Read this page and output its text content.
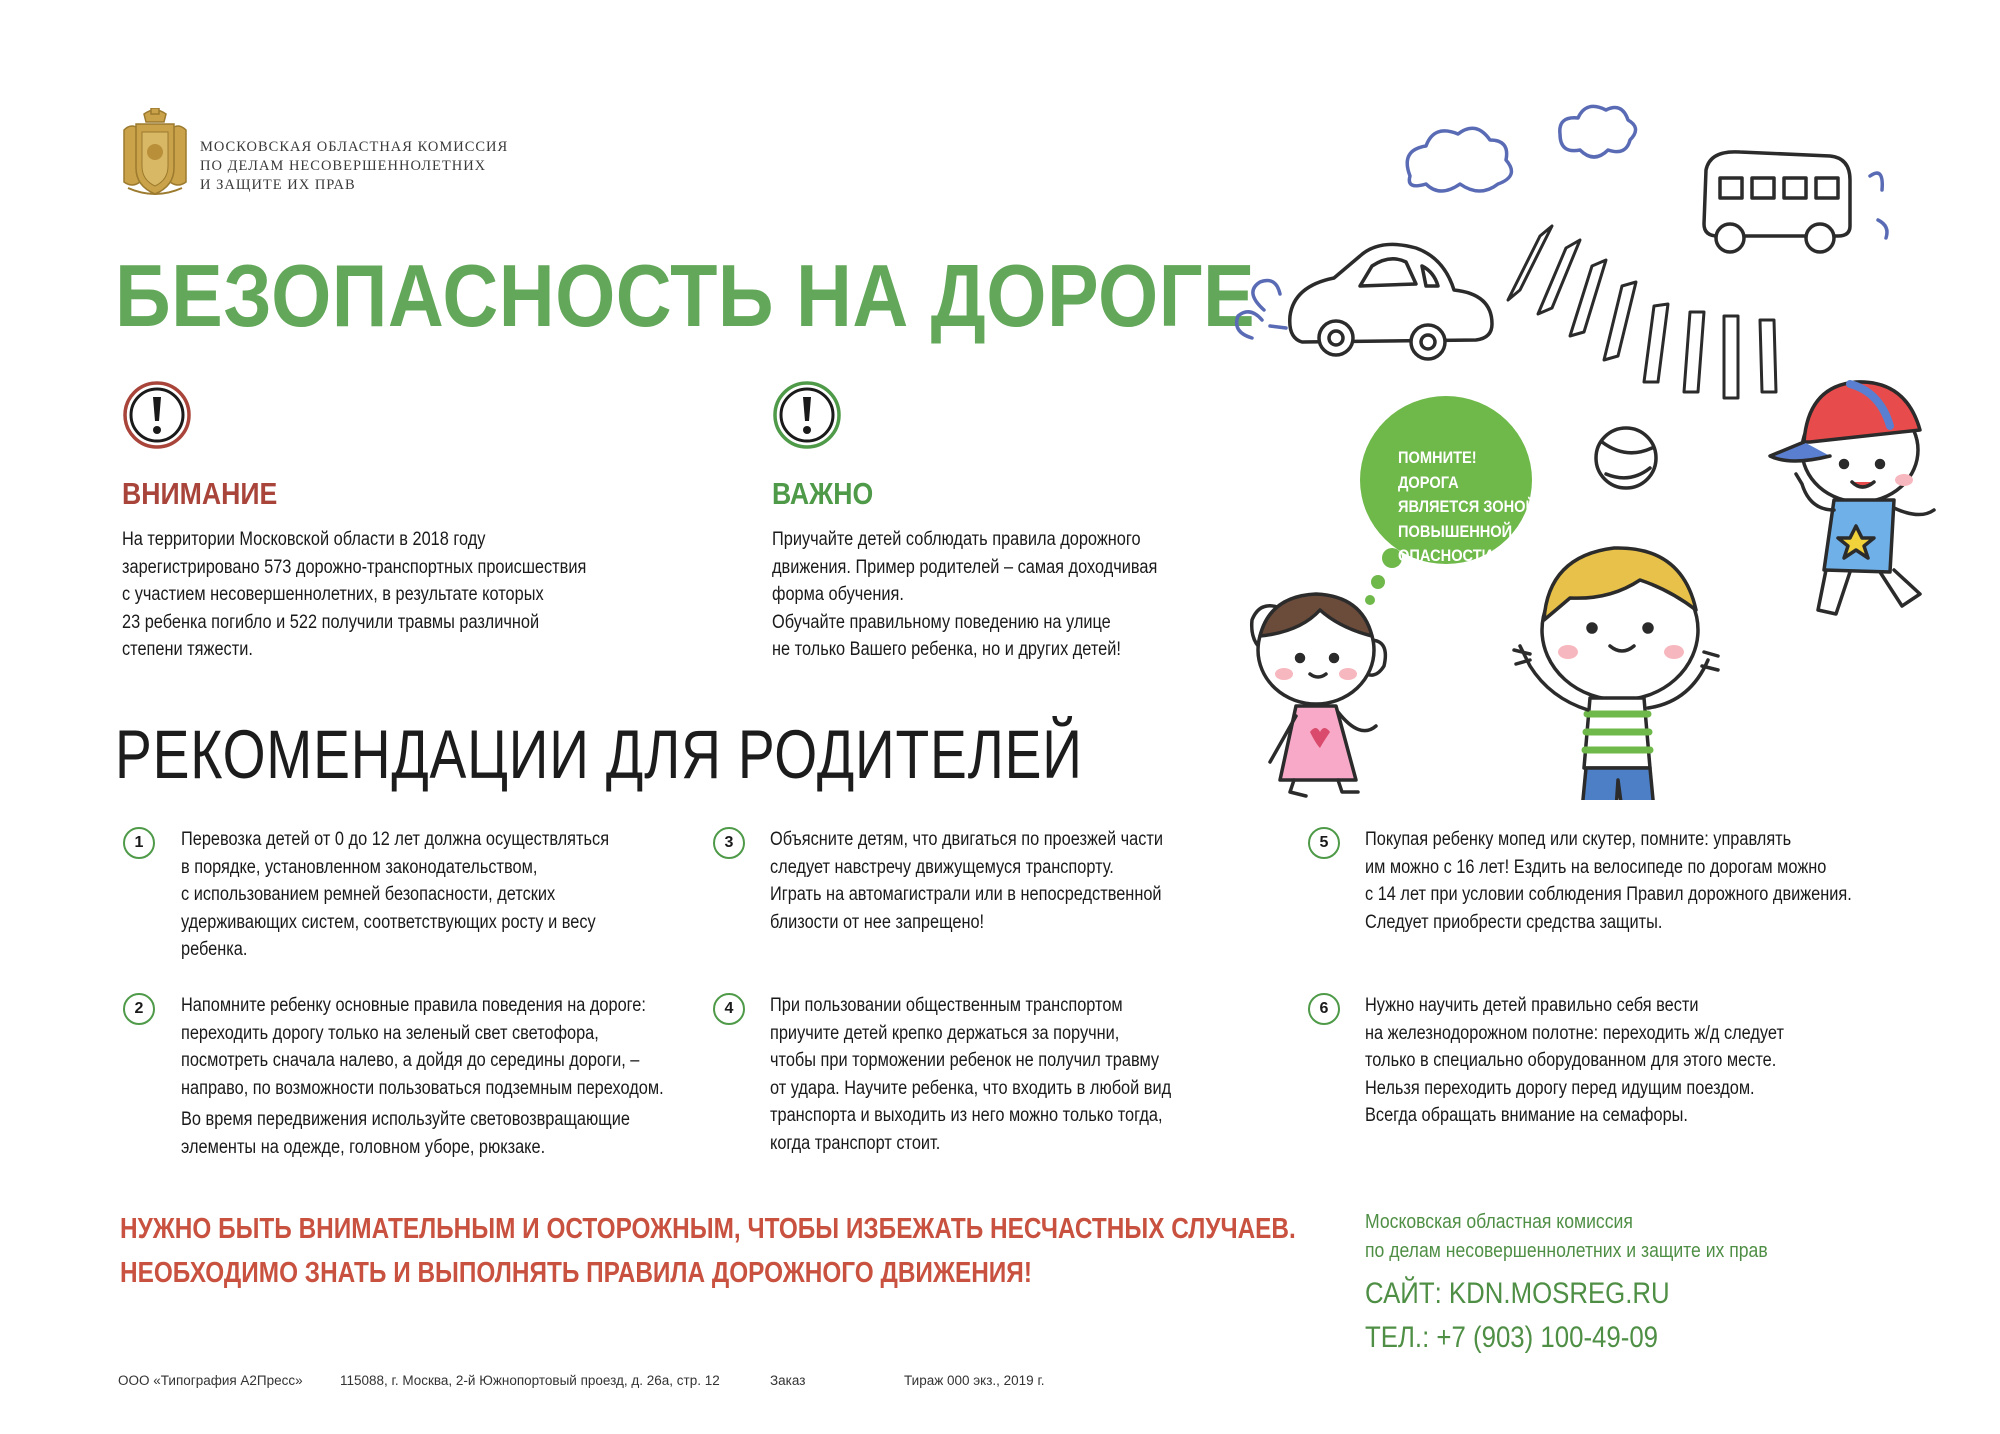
МОСКОВСКАЯ ОБЛАСТНАЯ КОМИССИЯ
ПО ДЕЛАМ НЕСОВЕРШЕННОЛЕТНИХ
И ЗАЩИТЕ ИХ ПРАВ
БЕЗОПАСНОСТЬ НА ДОРОГЕ
ВНИМАНИЕ
На территории Московской области в 2018 году
зарегистрировано 573 дорожно-транспортных происшествия
с участием несовершеннолетних, в результате которых
23 ребенка погибло и 522 получили травмы различной
степени тяжести.
ВАЖНО
Приучайте детей соблюдать правила дорожного
движения. Пример родителей – самая доходчивая
форма обучения.
Обучайте правильному поведению на улице
не только Вашего ребенка, но и других детей!
ПОМНИТЕ!
ДОРОГА
ЯВЛЯЕТСЯ ЗОНОЙ
ПОВЫШЕННОЙ
ОПАСНОСТИ!
РЕКОМЕНДАЦИИ ДЛЯ РОДИТЕЛЕЙ
1	Перевозка детей от 0 до 12 лет должна осуществляться
в порядке, установленном законодательством,
с использованием ремней безопасности, детских
удерживающих систем, соответствующих росту и весу
ребенка.
2	Напомните ребенку основные правила поведения на дороге:
переходить дорогу только на зеленый свет светофора,
посмотреть сначала налево, а дойдя до середины дороги, –
направо, по возможности пользоваться подземным переходом.
Во время передвижения используйте световозвращающие
элементы на одежде, головном уборе, рюкзаке.
3	Объясните детям, что двигаться по проезжей части
следует навстречу движущемуся транспорту.
Играть на автомагистрали или в непосредственной
близости от нее запрещено!
4	При пользовании общественным транспортом
приучите детей крепко держаться за поручни,
чтобы при торможении ребенок не получил травму
от удара. Научите ребенка, что входить в любой вид
транспорта и выходить из него можно только тогда,
когда транспорт стоит.
5	Покупая ребенку мопед или скутер, помните: управлять
им можно с 16 лет! Ездить на велосипеде по дорогам можно
с 14 лет при условии соблюдения Правил дорожного движения.
Следует приобрести средства защиты.
6	Нужно научить детей правильно себя вести
на железнодорожном полотне: переходить ж/д следует
только в специально оборудованном для этого месте.
Нельзя переходить дорогу перед идущим поездом.
Всегда обращать внимание на семафоры.
НУЖНО БЫТЬ ВНИМАТЕЛЬНЫМ И ОСТОРОЖНЫМ, ЧТОБЫ ИЗБЕЖАТЬ НЕСЧАСТНЫХ СЛУЧАЕВ.
НЕОБХОДИМО ЗНАТЬ И ВЫПОЛНЯТЬ ПРАВИЛА ДОРОЖНОГО ДВИЖЕНИЯ!
Московская областная комиссия
по делам несовершеннолетних и защите их прав
САЙТ: KDN.MOSREG.RU
ТЕЛ.: +7 (903) 100-49-09
ООО «Типография А2Пресс»	115088, г. Москва, 2-й Южнопортовый проезд, д. 26а, стр. 12	Заказ	Тираж 000 экз., 2019 г.
